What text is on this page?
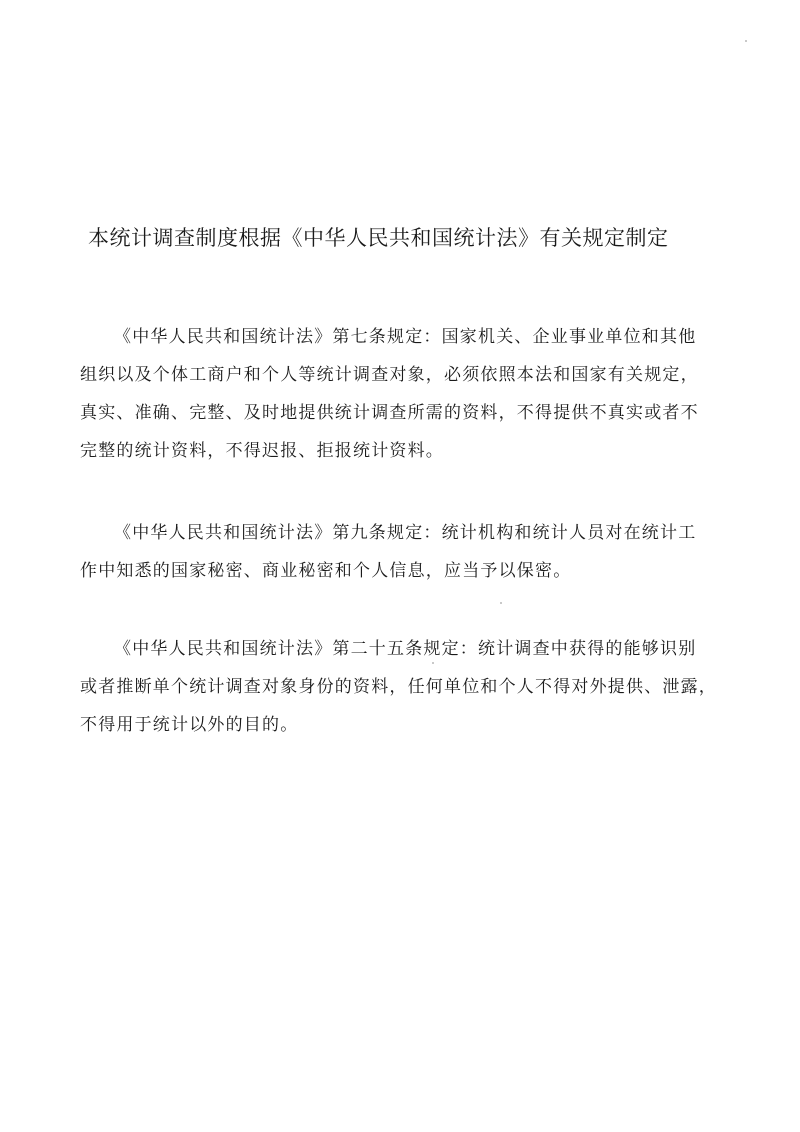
本统计调查制度根据《中华人民共和国统计法》有关规定制定
《中华人民共和国统计法》第七条规定：国家机关、企业事业单位和其他
组织以及个体工商户和个人等统计调查对象，必须依照本法和国家有关规定，
真实、准确、完整、及时地提供统计调查所需的资料，不得提供不真实或者不
完整的统计资料，不得迟报、拒报统计资料。
《中华人民共和国统计法》第九条规定：统计机构和统计人员对在统计工
作中知悉的国家秘密、商业秘密和个人信息，应当予以保密。
《中华人民共和国统计法》第二十五条规定：统计调查中获得的能够识别
或者推断单个统计调查对象身份的资料，任何单位和个人不得对外提供、泄露，
不得用于统计以外的目的。
